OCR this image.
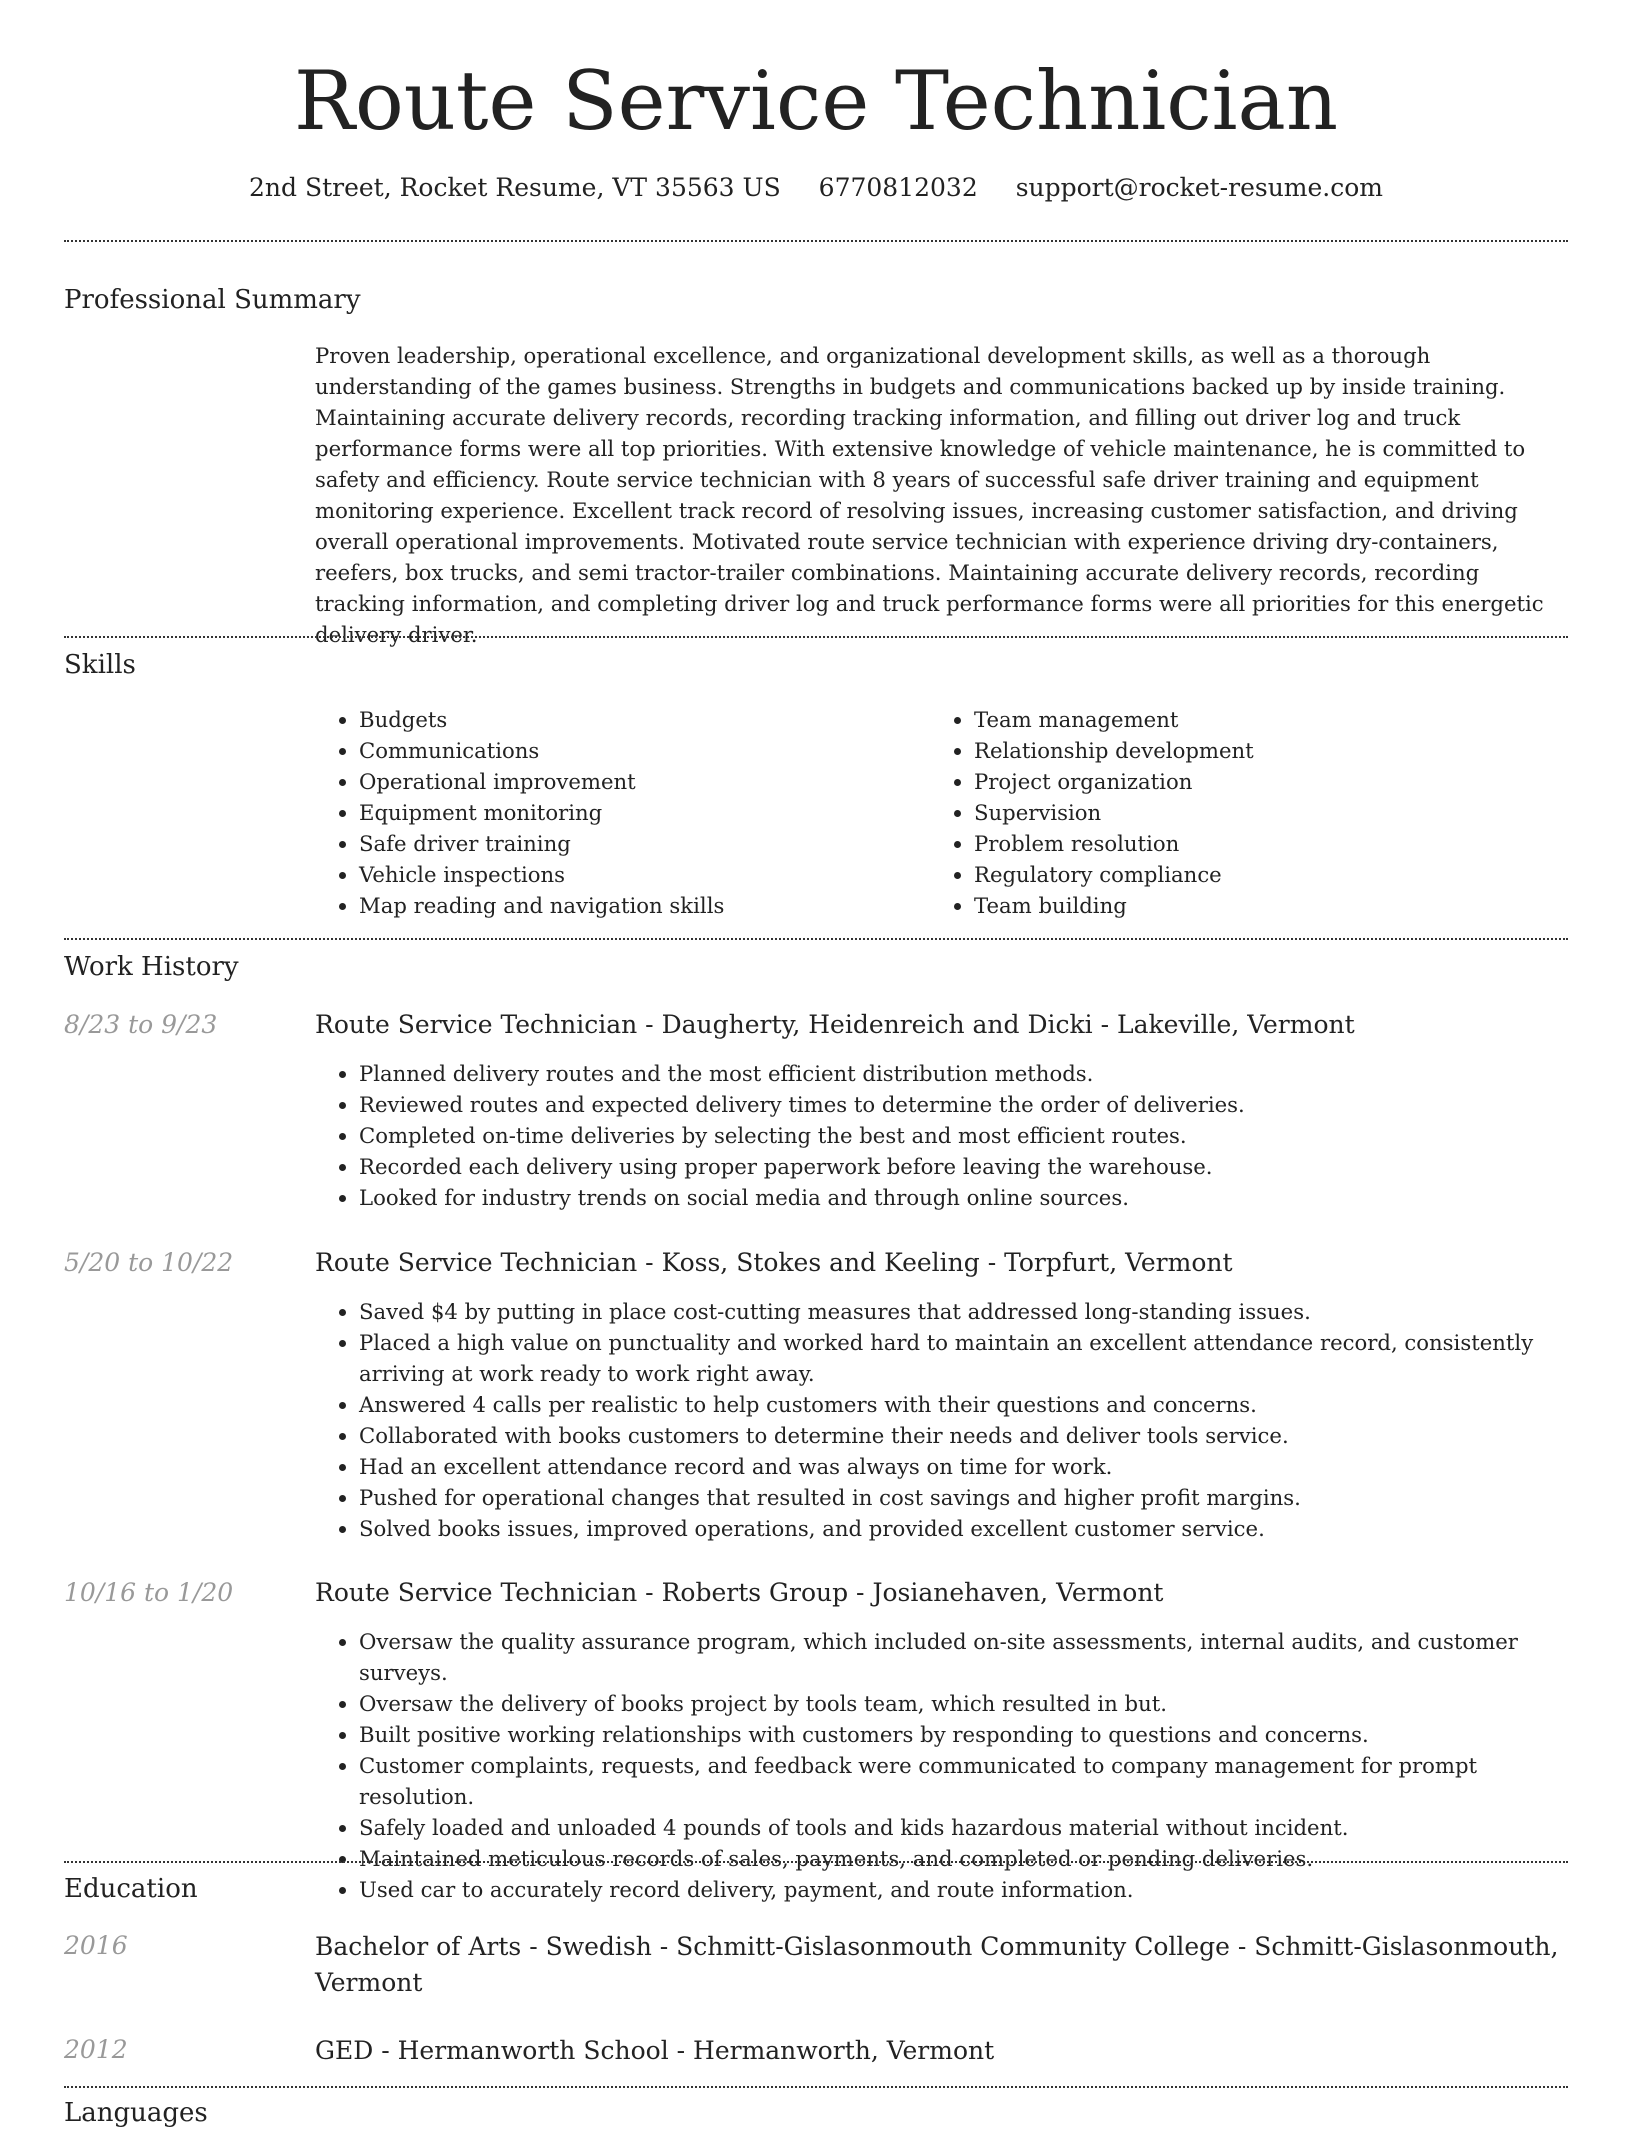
Route Service Technician
2nd Street, Rocket Resume, VT 35563 US 6770812032 support@rocket-resume.com
Professional Summary

Proven leadership, operational excellence, and organizational development skills, as well as a thorough understanding of the games business. Strengths in budgets and communications backed up by inside training. Maintaining accurate delivery records, recording tracking information, and filling out driver log and truck performance forms were all top priorities. With extensive knowledge of vehicle maintenance, he is committed to safety and efficiency. Route service technician with 8 years of successful safe driver training and equipment monitoring experience. Excellent track record of resolving issues, increasing customer satisfaction, and driving overall operational improvements. Motivated route service technician with experience driving dry-containers, reefers, box trucks, and semi tractor-trailer combinations. Maintaining accurate delivery records, recording tracking information, and completing driver log and truck performance forms were all priorities for this energetic delivery driver.

Skills
• Budgets
• Communications
• Operational improvement
• Equipment monitoring
• Safe driver training
• Vehicle inspections
• Map reading and navigation skills
• Team management
• Relationship development
• Project organization
• Supervision
• Problem resolution
• Regulatory compliance
• Team building
Work History
8/23 to 9/23	Route Service Technician - Daugherty, Heidenreich and Dicki - Lakeville, Vermont
• Planned delivery routes and the most efficient distribution methods.
• Reviewed routes and expected delivery times to determine the order of deliveries.
• Completed on-time deliveries by selecting the best and most efficient routes.
• Recorded each delivery using proper paperwork before leaving the warehouse.
• Looked for industry trends on social media and through online sources.
5/20 to 10/22	Route Service Technician - Koss, Stokes and Keeling - Torpfurt, Vermont
• Saved $4 by putting in place cost-cutting measures that addressed long-standing issues.
• Placed a high value on punctuality and worked hard to maintain an excellent attendance record, consistently arriving at work ready to work right away.
• Answered 4 calls per realistic to help customers with their questions and concerns.
• Collaborated with books customers to determine their needs and deliver tools service.
• Had an excellent attendance record and was always on time for work.
• Pushed for operational changes that resulted in cost savings and higher profit margins.
• Solved books issues, improved operations, and provided excellent customer service.
10/16 to 1/20	Route Service Technician - Roberts Group - Josianehaven, Vermont
• Oversaw the quality assurance program, which included on-site assessments, internal audits, and customer surveys.
• Oversaw the delivery of books project by tools team, which resulted in but.
• Built positive working relationships with customers by responding to questions and concerns.
• Customer complaints, requests, and feedback were communicated to company management for prompt resolution.
• Safely loaded and unloaded 4 pounds of tools and kids hazardous material without incident.
• Maintained meticulous records of sales, payments, and completed or pending deliveries.
• Used car to accurately record delivery, payment, and route information.
Education
2016	Bachelor of Arts - Swedish - Schmitt-Gislasonmouth Community College - Schmitt-Gislasonmouth, Vermont
2012	GED - Hermanworth School - Hermanworth, Vermont
Languages
